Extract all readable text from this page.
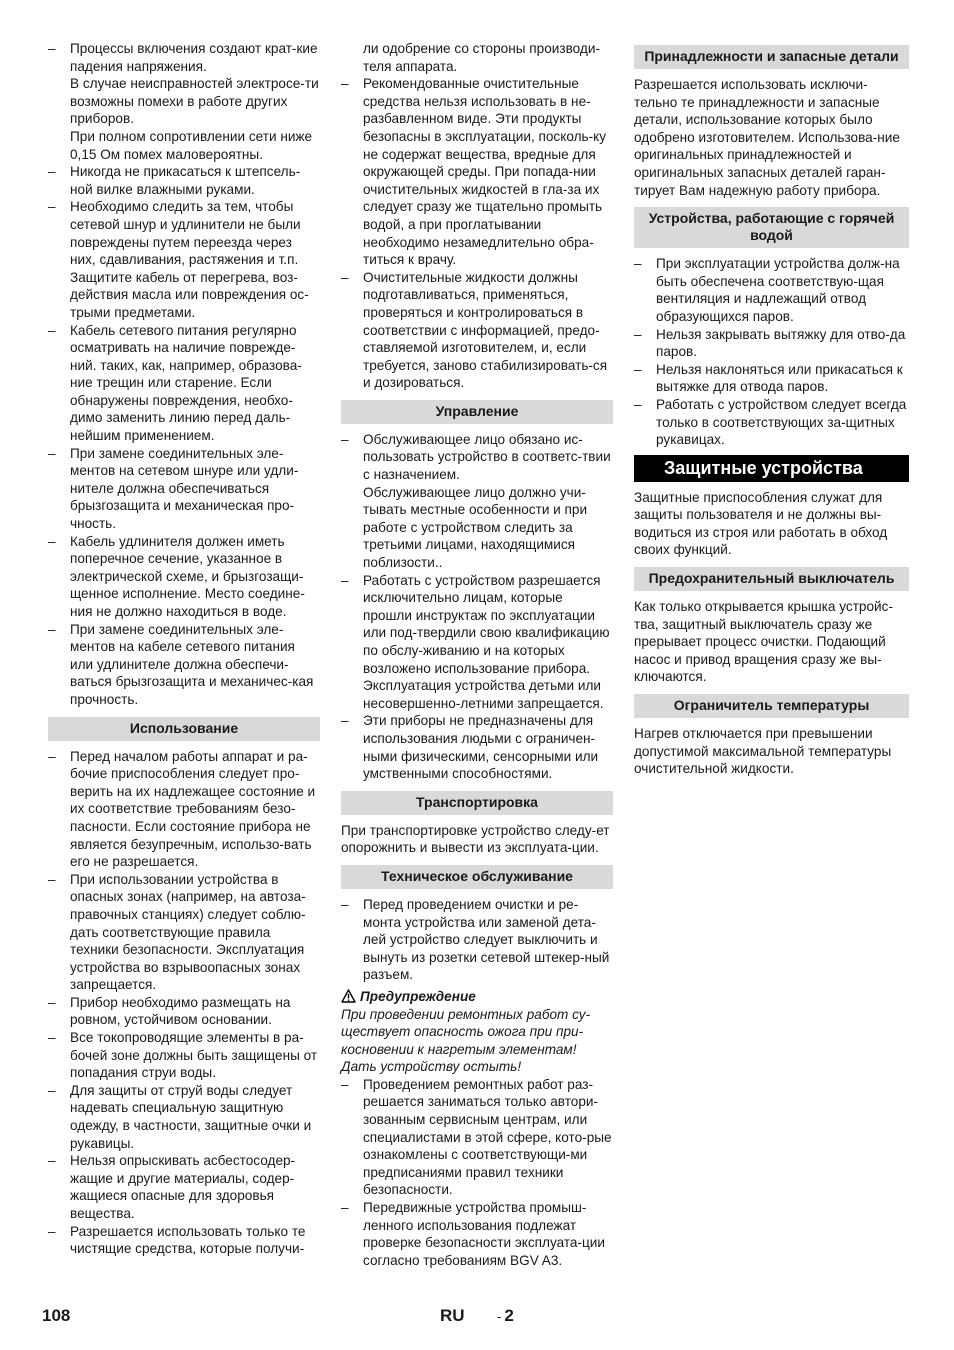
– Процессы включения создают крат-кие падения напряжения.
В случае неисправностей электросе-ти возможны помехи в работе других приборов.
При полном сопротивлении сети ниже 0,15 Ом помех маловероятны.
– Никогда не прикасаться к штепсель-ной вилке влажными руками.
– Необходимо следить за тем, чтобы сетевой шнур и удлинители не были повреждены путем переезда через них, сдавливания, растяжения и т.п. Защитите кабель от перегрева, воз-действия масла или повреждения ос-трыми предметами.
– Кабель сетевого питания регулярно осматривать на наличие поврежде-ний. таких, как, например, образова-ние трещин или старение. Если обнаружены повреждения, необхо-димо заменить линию перед даль-нейшим применением.
– При замене соединительных эле-ментов на сетевом шнуре или удли-нителе должна обеспечиваться брызгозащита и механическая про-чность.
– Кабель удлинителя должен иметь поперечное сечение, указанное в электрической схеме, и брызгозащи-щенное исполнение. Место соедине-ния не должно находиться в воде.
– При замене соединительных эле-ментов на кабеле сетевого питания или удлинителе должна обеспечи-ваться брызгозащита и механичес-кая прочность.
Использование
– Перед началом работы аппарат и ра-бочие приспособления следует про-верить на их надлежащее состояние и их соответствие требованиям безо-пасности. Если состояние прибора не является безупречным, использо-вать его не разрешается.
– При использовании устройства в опасных зонах (например, на автоза-правочных станциях) следует соблю-дать соответствующие правила техники безопасности. Эксплуатация устройства во взрывоопасных зонах запрещается.
– Прибор необходимо размещать на ровном, устойчивом основании.
– Все токопроводящие элементы в ра-бочей зоне должны быть защищены от попадания струи воды.
– Для защиты от струй воды следует надевать специальную защитную одежду, в частности, защитные очки и рукавицы.
– Нельзя опрыскивать асбестосодер-жащие и другие материалы, содер-жащиеся опасные для здоровья вещества.
– Разрешается использовать только те чистящие средства, которые получи-
ли одобрение со стороны производи-теля аппарата.
– Рекомендованные очистительные средства нельзя использовать в не-разбавленном виде. Эти продукты безопасны в эксплуатации, посколь-ку не содержат вещества, вредные для окружающей среды. При попада-нии очистительных жидкостей в гла-за их следует сразу же тщательно промыть водой, а при проглатывании необходимо незамедлительно обра-титься к врачу.
– Очистительные жидкости должны подготавливаться, применяться, проверяться и контролироваться в соответствии с информацией, предо-ставляемой изготовителем, и, если требуется, заново стабилизировать-ся и дозироваться.
Управление
– Обслуживающее лицо обязано ис-пользовать устройство в соответс-твии с назначением.
Обслуживающее лицо должно учи-тывать местные особенности и при работе с устройством следить за третьими лицами, находящимися поблизости..
– Работать с устройством разрешается исключительно лицам, которые прошли инструктаж по эксплуатации или под-твердили свою квалификацию по обслу-живанию и на которых возложено использование прибора. Эксплуатация устройства детьми или несовершенно-летними запрещается.
– Эти приборы не предназначены для использования людьми с ограничен-ными физическими, сенсорными или умственными способностями.
Транспортировка

При транспортировке устройство следу-ет опорожнить и вывести из эксплуата-ции.

Техническое обслуживание
– Перед проведением очистки и ре-монта устройства или заменой дета-лей устройство следует выключить и вынуть из розетки сетевой штекер-ный разъем.
Предупреждение

При проведении ремонтных работ су-ществует опасность ожога при при-косновении к нагретым элементам! Дать устройству остыть!

– Проведением ремонтных работ раз-решается заниматься только автори-зованным сервисным центрам, или специалистами в этой сфере, кото-рые ознакомлены с соответствующи-ми предписаниями правил техники безопасности.
– Передвижные устройства промыш-ленного использования подлежат проверке безопасности эксплуата-ции согласно требованиям BGV A3.
Принадлежности и запасные детали

Разрешается использовать исключи-тельно те принадлежности и запасные детали, использование которых было одобрено изготовителем. Использова-ние оригинальных принадлежностей и оригинальных запасных деталей гаран-тирует Вам надежную работу прибора.

Устройства, работающие с горячей водой
– При эксплуатации устройства долж-на быть обеспечена соответствую-щая вентиляция и надлежащий отвод образующихся паров.
– Нельзя закрывать вытяжку для отво-да паров.
– Нельзя наклоняться или прикасаться к вытяжке для отвода паров.
– Работать с устройством следует всегда только в соответствующих за-щитных рукавицах.
Защитные устройства

Защитные приспособления служат для защиты пользователя и не должны вы-водиться из строя или работать в обход своих функций.

Предохранительный выключатель

Как только открывается крышка устройс-тва, защитный выключатель сразу же прерывает процесс очистки. Подающий насос и привод вращения сразу же вы-ключаются.

Ограничитель температуры

Нагрев отключается при превышении допустимой максимальной температуры очистительной жидкости.

108	RU - 2
